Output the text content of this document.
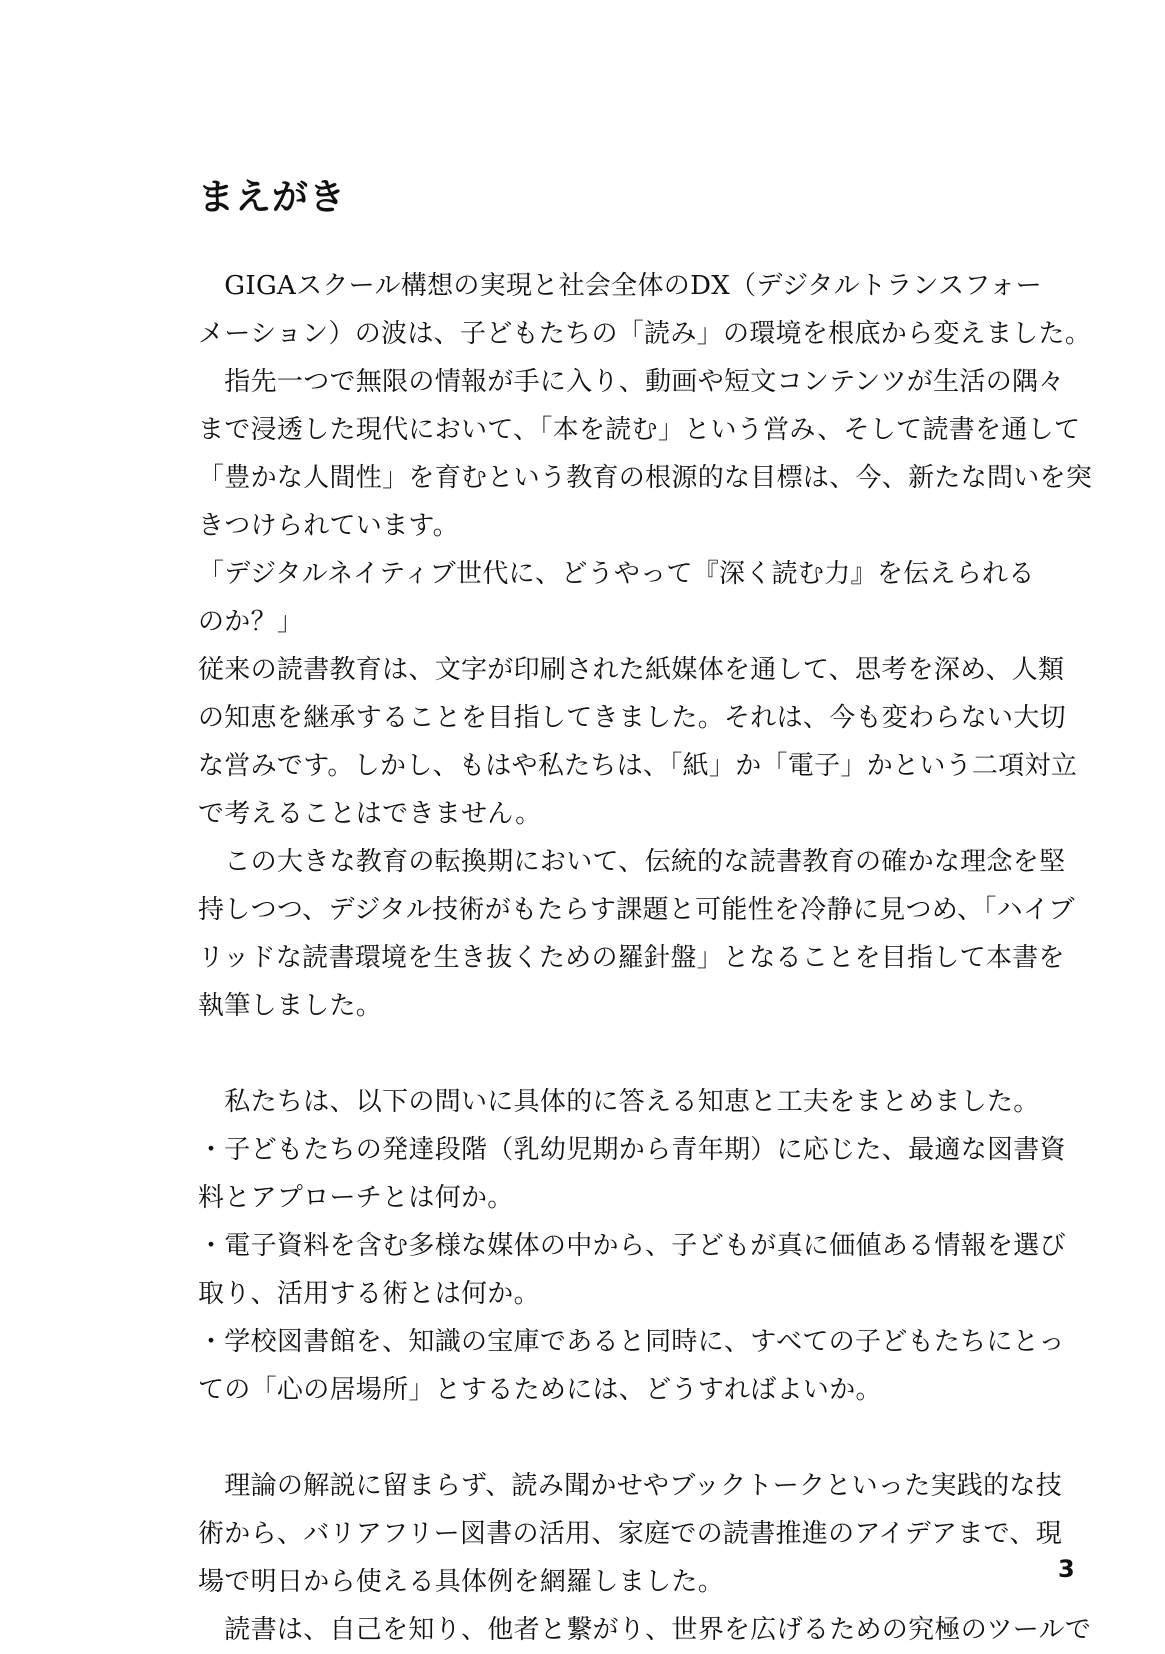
まえがき
　GIGAスクール構想の実現と社会全体のDX（デジタルトランスフォー
メーション）の波は、子どもたちの「読み」の環境を根底から変えました。
　指先一つで無限の情報が手に入り、動画や短文コンテンツが生活の隅々
まで浸透した現代において、「本を読む」という営み、そして読書を通して
「豊かな人間性」を育むという教育の根源的な目標は、今、新たな問いを突
きつけられています。
「デジタルネイティブ世代に、どうやって『深く読む力』を伝えられる
のか？」
従来の読書教育は、文字が印刷された紙媒体を通して、思考を深め、人類
の知恵を継承することを目指してきました。それは、今も変わらない大切
な営みです。しかし、もはや私たちは、「紙」か「電子」かという二項対立
で考えることはできません。
　この大きな教育の転換期において、伝統的な読書教育の確かな理念を堅
持しつつ、デジタル技術がもたらす課題と可能性を冷静に見つめ、「ハイブ
リッドな読書環境を生き抜くための羅針盤」となることを目指して本書を
執筆しました。
　私たちは、以下の問いに具体的に答える知恵と工夫をまとめました。
・子どもたちの発達段階（乳幼児期から青年期）に応じた、最適な図書資
料とアプローチとは何か。
・電子資料を含む多様な媒体の中から、子どもが真に価値ある情報を選び
取り、活用する術とは何か。
・学校図書館を、知識の宝庫であると同時に、すべての子どもたちにとっ
ての「心の居場所」とするためには、どうすればよいか。
　理論の解説に留まらず、読み聞かせやブックトークといった実践的な技
術から、バリアフリー図書の活用、家庭での読書推進のアイデアまで、現
場で明日から使える具体例を網羅しました。
　読書は、自己を知り、他者と繋がり、世界を広げるための究極のツールで
3
